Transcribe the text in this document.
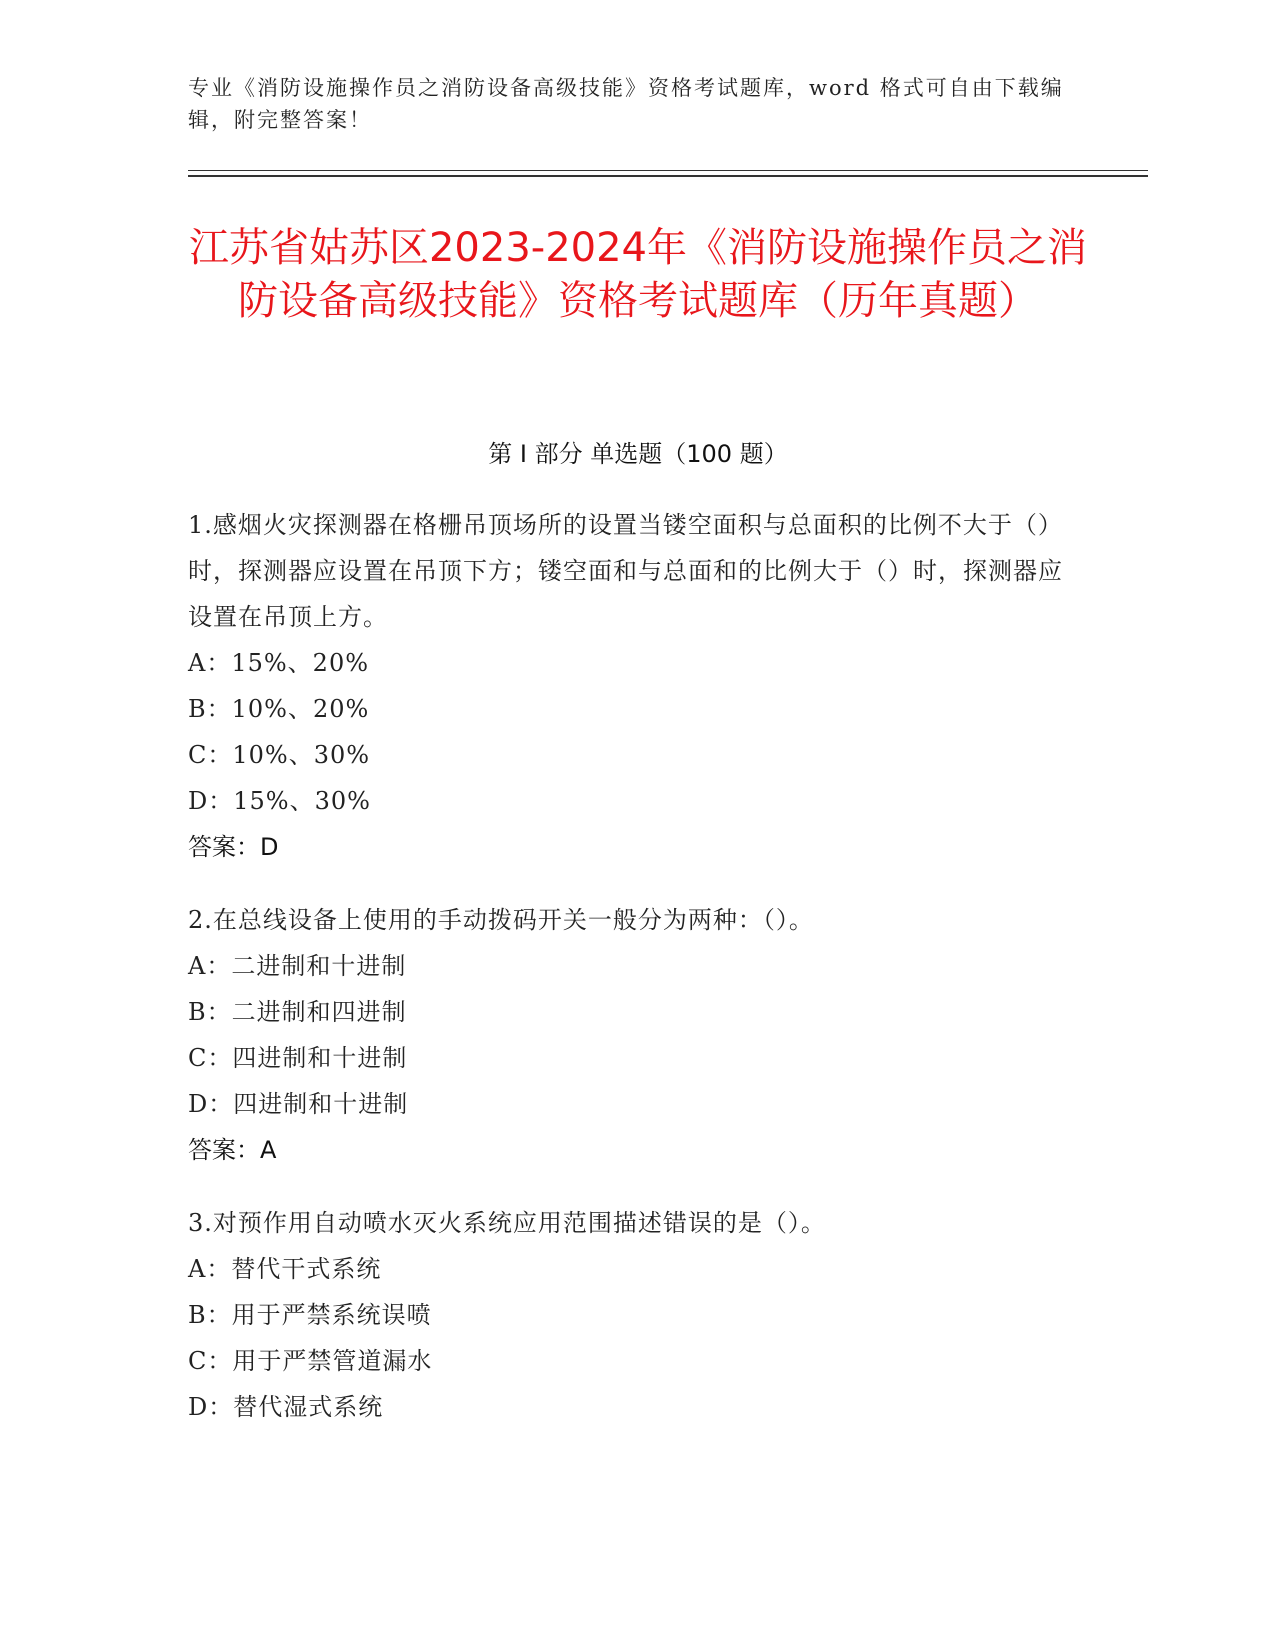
专业《消防设施操作员之消防设备高级技能》资格考试题库，word 格式可自由下载编辑，附完整答案！
江苏省姑苏区2023-2024年《消防设施操作员之消防设备高级技能》资格考试题库（历年真题）
第 I 部分 单选题（100 题）
1.感烟火灾探测器在格栅吊顶场所的设置当镂空面积与总面积的比例不大于（）时，探测器应设置在吊顶下方；镂空面和与总面和的比例大于（）时，探测器应设置在吊顶上方。
A：15%、20%
B：10%、20%
C：10%、30%
D：15%、30%
答案：D
2.在总线设备上使用的手动拨码开关一般分为两种：（）。
A：二进制和十进制
B：二进制和四进制
C：四进制和十进制
D：四进制和十进制
答案：A
3.对预作用自动喷水灭火系统应用范围描述错误的是（）。
A：替代干式系统
B：用于严禁系统误喷
C：用于严禁管道漏水
D：替代湿式系统
